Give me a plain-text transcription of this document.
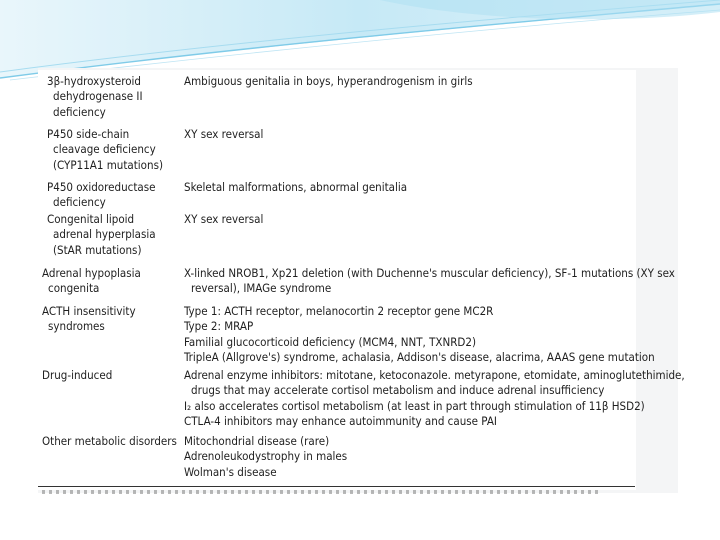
3β-hydroxysteroid
dehydrogenase II
deficiency
Ambiguous genitalia in boys, hyperandrogenism in girls
P450 side-chain
cleavage deficiency
(CYP11A1 mutations)
XY sex reversal
P450 oxidoreductase
deficiency
Skeletal malformations, abnormal genitalia
Congenital lipoid
adrenal hyperplasia
(StAR mutations)
XY sex reversal
Adrenal hypoplasia
congenita
X-linked NROB1, Xp21 deletion (with Duchenne's muscular deficiency), SF-1 mutations (XY sex
reversal), IMAGe syndrome
ACTH insensitivity
syndromes
Type 1: ACTH receptor, melanocortin 2 receptor gene MC2R
Type 2: MRAP
Familial glucocorticoid deficiency (MCM4, NNT, TXNRD2)
TripleA (Allgrove's) syndrome, achalasia, Addison's disease, alacrima, AAAS gene mutation
Drug-induced	Adrenal enzyme inhibitors: mitotane, ketoconazole. metyrapone, etomidate, aminoglutethimide,
drugs that may accelerate cortisol metabolism and induce adrenal insufficiency
I₂ also accelerates cortisol metabolism (at least in part through stimulation of 11β HSD2)
CTLA-4 inhibitors may enhance autoimmunity and cause PAI
Other metabolic disorders Mitochondrial disease (rare)
Adrenoleukodystrophy in males
Wolman's disease
